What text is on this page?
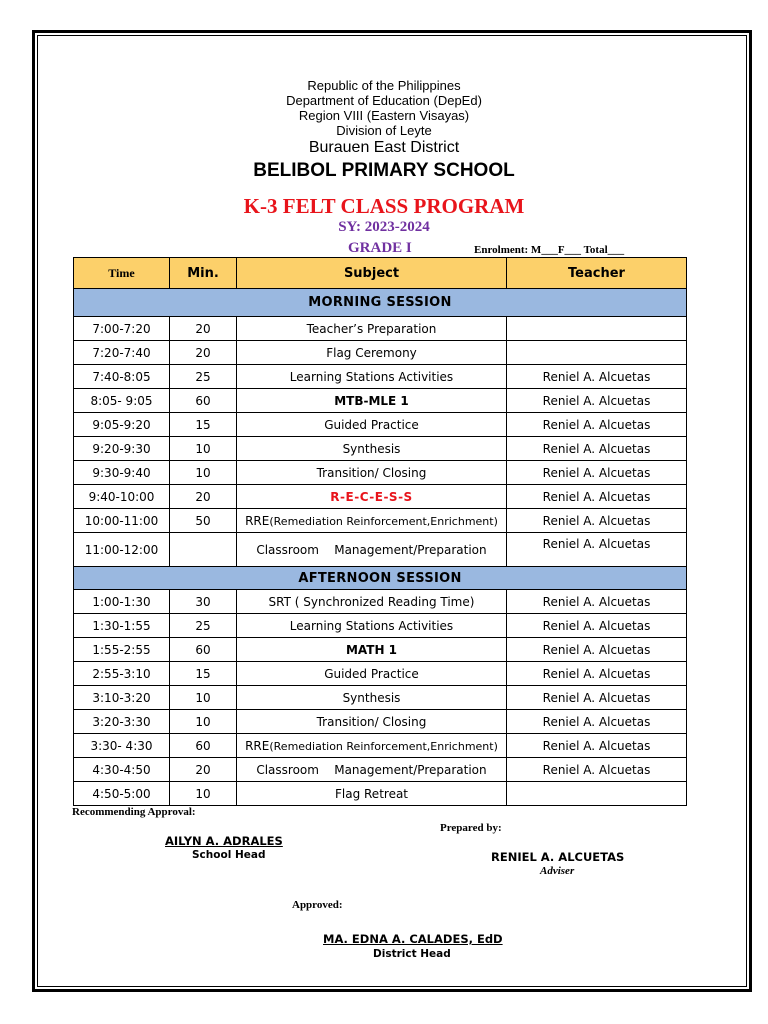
Republic of the Philippines
Department of Education (DepEd)
Region VIII (Eastern Visayas)
Division of Leyte
Burauen East District
BELIBOL PRIMARY SCHOOL
K-3 FELT CLASS PROGRAM
SY: 2023-2024
GRADE I	Enrolment: M___F___ Total___
Time	Min.	Subject	Teacher
MORNING SESSION			
7:00-7:20	20	Teacher’s Preparation	
7:20-7:40	20	Flag Ceremony	
7:40-8:05	25	Learning Stations Activities	Reniel A. Alcuetas
8:05- 9:05	60	MTB-MLE 1	Reniel A. Alcuetas
9:05-9:20	15	Guided Practice	Reniel A. Alcuetas
9:20-9:30	10	Synthesis	Reniel A. Alcuetas
9:30-9:40	10	Transition/ Closing	Reniel A. Alcuetas
9:40-10:00	20	R-E-C-E-S-S	Reniel A. Alcuetas
10:00-11:00	50	RRE(Remediation Reinforcement,Enrichment)	Reniel A. Alcuetas
11:00-12:00		Classroom    Management/Preparation	Reniel A. Alcuetas
AFTERNOON SESSION			
1:00-1:30	30	SRT ( Synchronized Reading Time)	Reniel A. Alcuetas
1:30-1:55	25	Learning Stations Activities	Reniel A. Alcuetas
1:55-2:55	60	MATH 1	Reniel A. Alcuetas
2:55-3:10	15	Guided Practice	Reniel A. Alcuetas
3:10-3:20	10	Synthesis	Reniel A. Alcuetas
3:20-3:30	10	Transition/ Closing	Reniel A. Alcuetas
3:30- 4:30	60	RRE(Remediation Reinforcement,Enrichment)	Reniel A. Alcuetas
4:30-4:50	20	Classroom    Management/Preparation	Reniel A. Alcuetas
4:50-5:00	10	Flag Retreat	
Recommending Approval:
AILYN A. ADRALES
School Head
Prepared by:
RENIEL A. ALCUETAS
Adviser
Approved:
MA. EDNA A. CALADES, EdD
District Head
